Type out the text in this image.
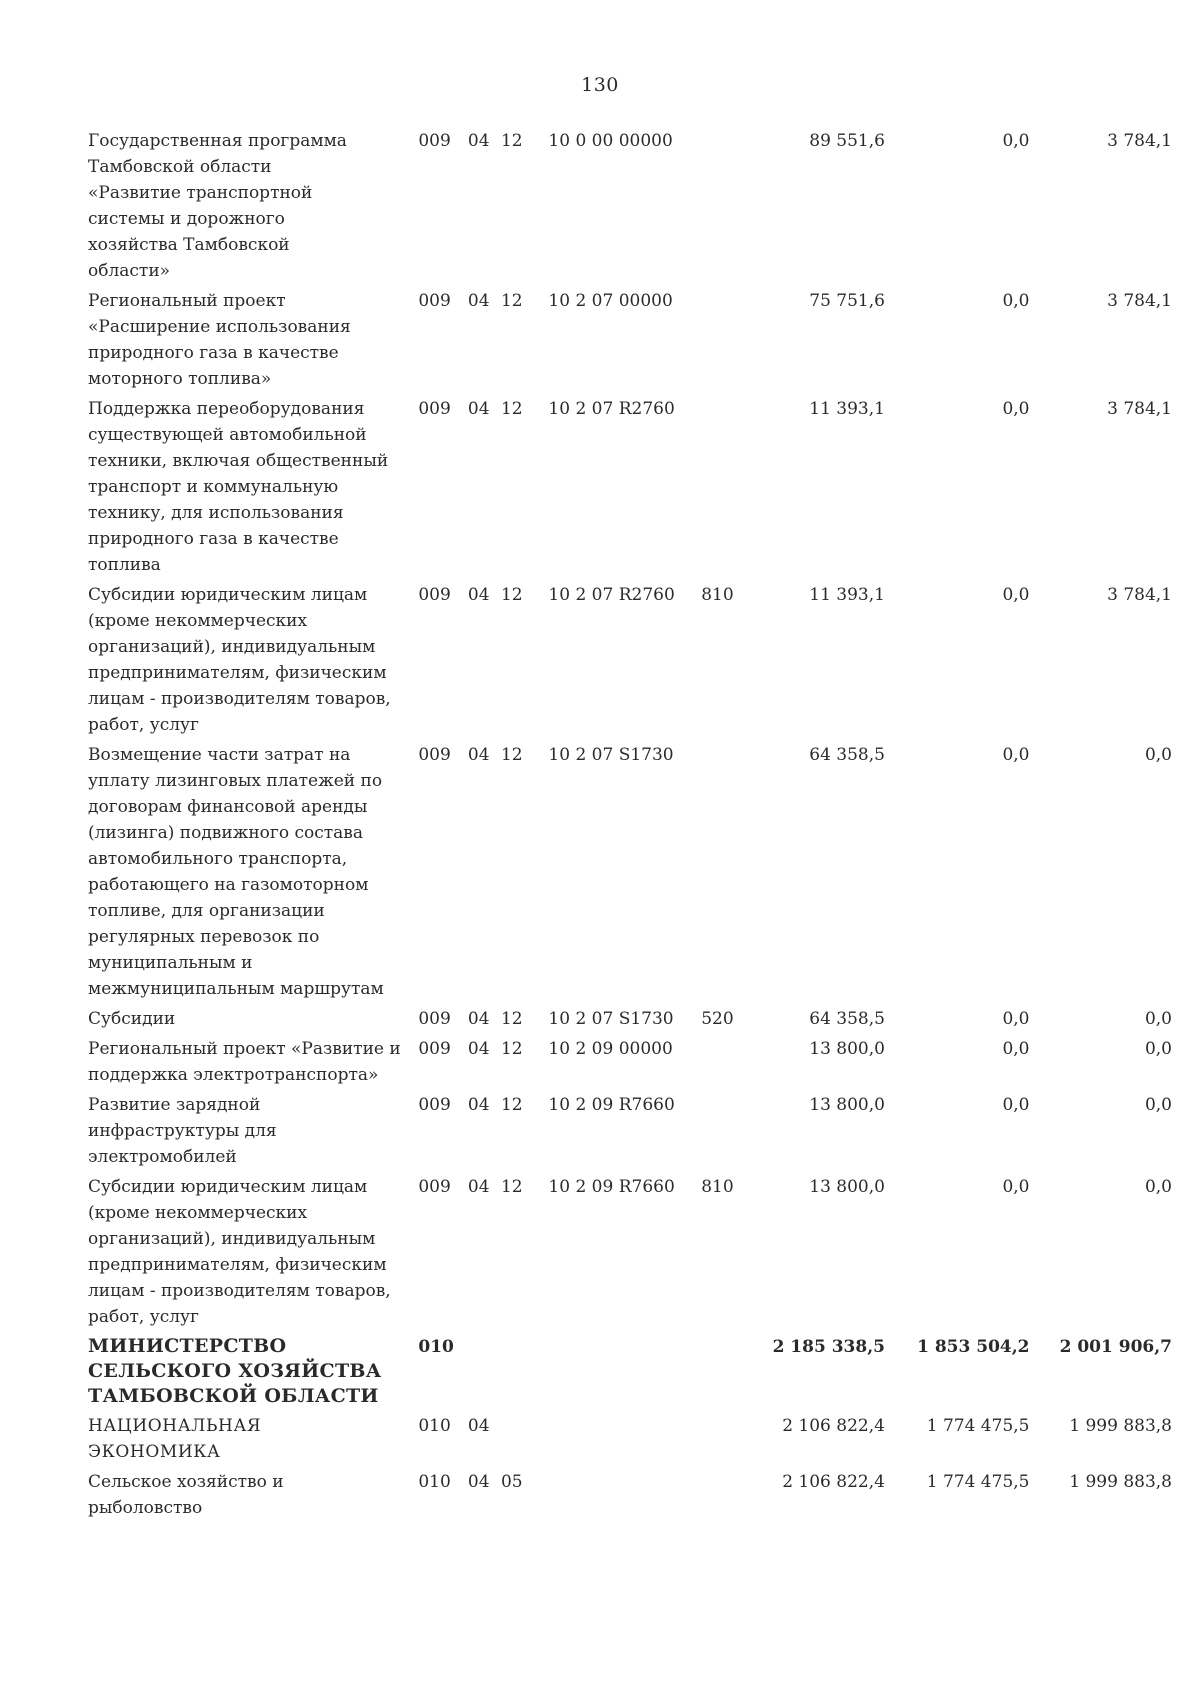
130
Государственная программа Тамбовской области «Развитие транспортной системы и дорожного хозяйства Тамбовской области»	009	04	12	10 0 00 00000		89 551,6	0,0	3 784,1

Региональный проект «Расширение использования природного газа в качестве моторного топлива»	009	04	12	10 2 07 00000		75 751,6	0,0	3 784,1

Поддержка переоборудования существующей автомобильной техники, включая общественный транспорт и коммунальную технику, для использования природного газа в качестве топлива	009	04	12	10 2 07 R2760		11 393,1	0,0	3 784,1

Субсидии юридическим лицам (кроме некоммерческих организаций), индивидуальным предпринимателям, физическим лицам - производителям товаров, работ, услуг	009	04	12	10 2 07 R2760	810	11 393,1	0,0	3 784,1

Возмещение части затрат на уплату лизинговых платежей по договорам финансовой аренды (лизинга) подвижного состава автомобильного транспорта, работающего на газомоторном топливе, для организации регулярных перевозок по муниципальным и межмуниципальным маршрутам	009	04	12	10 2 07 S1730		64 358,5	0,0	0,0

Субсидии	009	04	12	10 2 07 S1730	520	64 358,5	0,0	0,0

Региональный проект «Развитие и поддержка электротранспорта»	009	04	12	10 2 09 00000		13 800,0	0,0	0,0

Развитие зарядной инфраструктуры для электромобилей	009	04	12	10 2 09 R7660		13 800,0	0,0	0,0

Субсидии юридическим лицам (кроме некоммерческих организаций), индивидуальным предпринимателям, физическим лицам - производителям товаров, работ, услуг	009	04	12	10 2 09 R7660	810	13 800,0	0,0	0,0

МИНИСТЕРСТВО СЕЛЬСКОГО ХОЗЯЙСТВА ТАМБОВСКОЙ ОБЛАСТИ	010					2 185 338,5	1 853 504,2	2 001 906,7

НАЦИОНАЛЬНАЯ ЭКОНОМИКА	010	04				2 106 822,4	1 774 475,5	1 999 883,8

Сельское хозяйство и рыболовство	010	04	05			2 106 822,4	1 774 475,5	1 999 883,8
